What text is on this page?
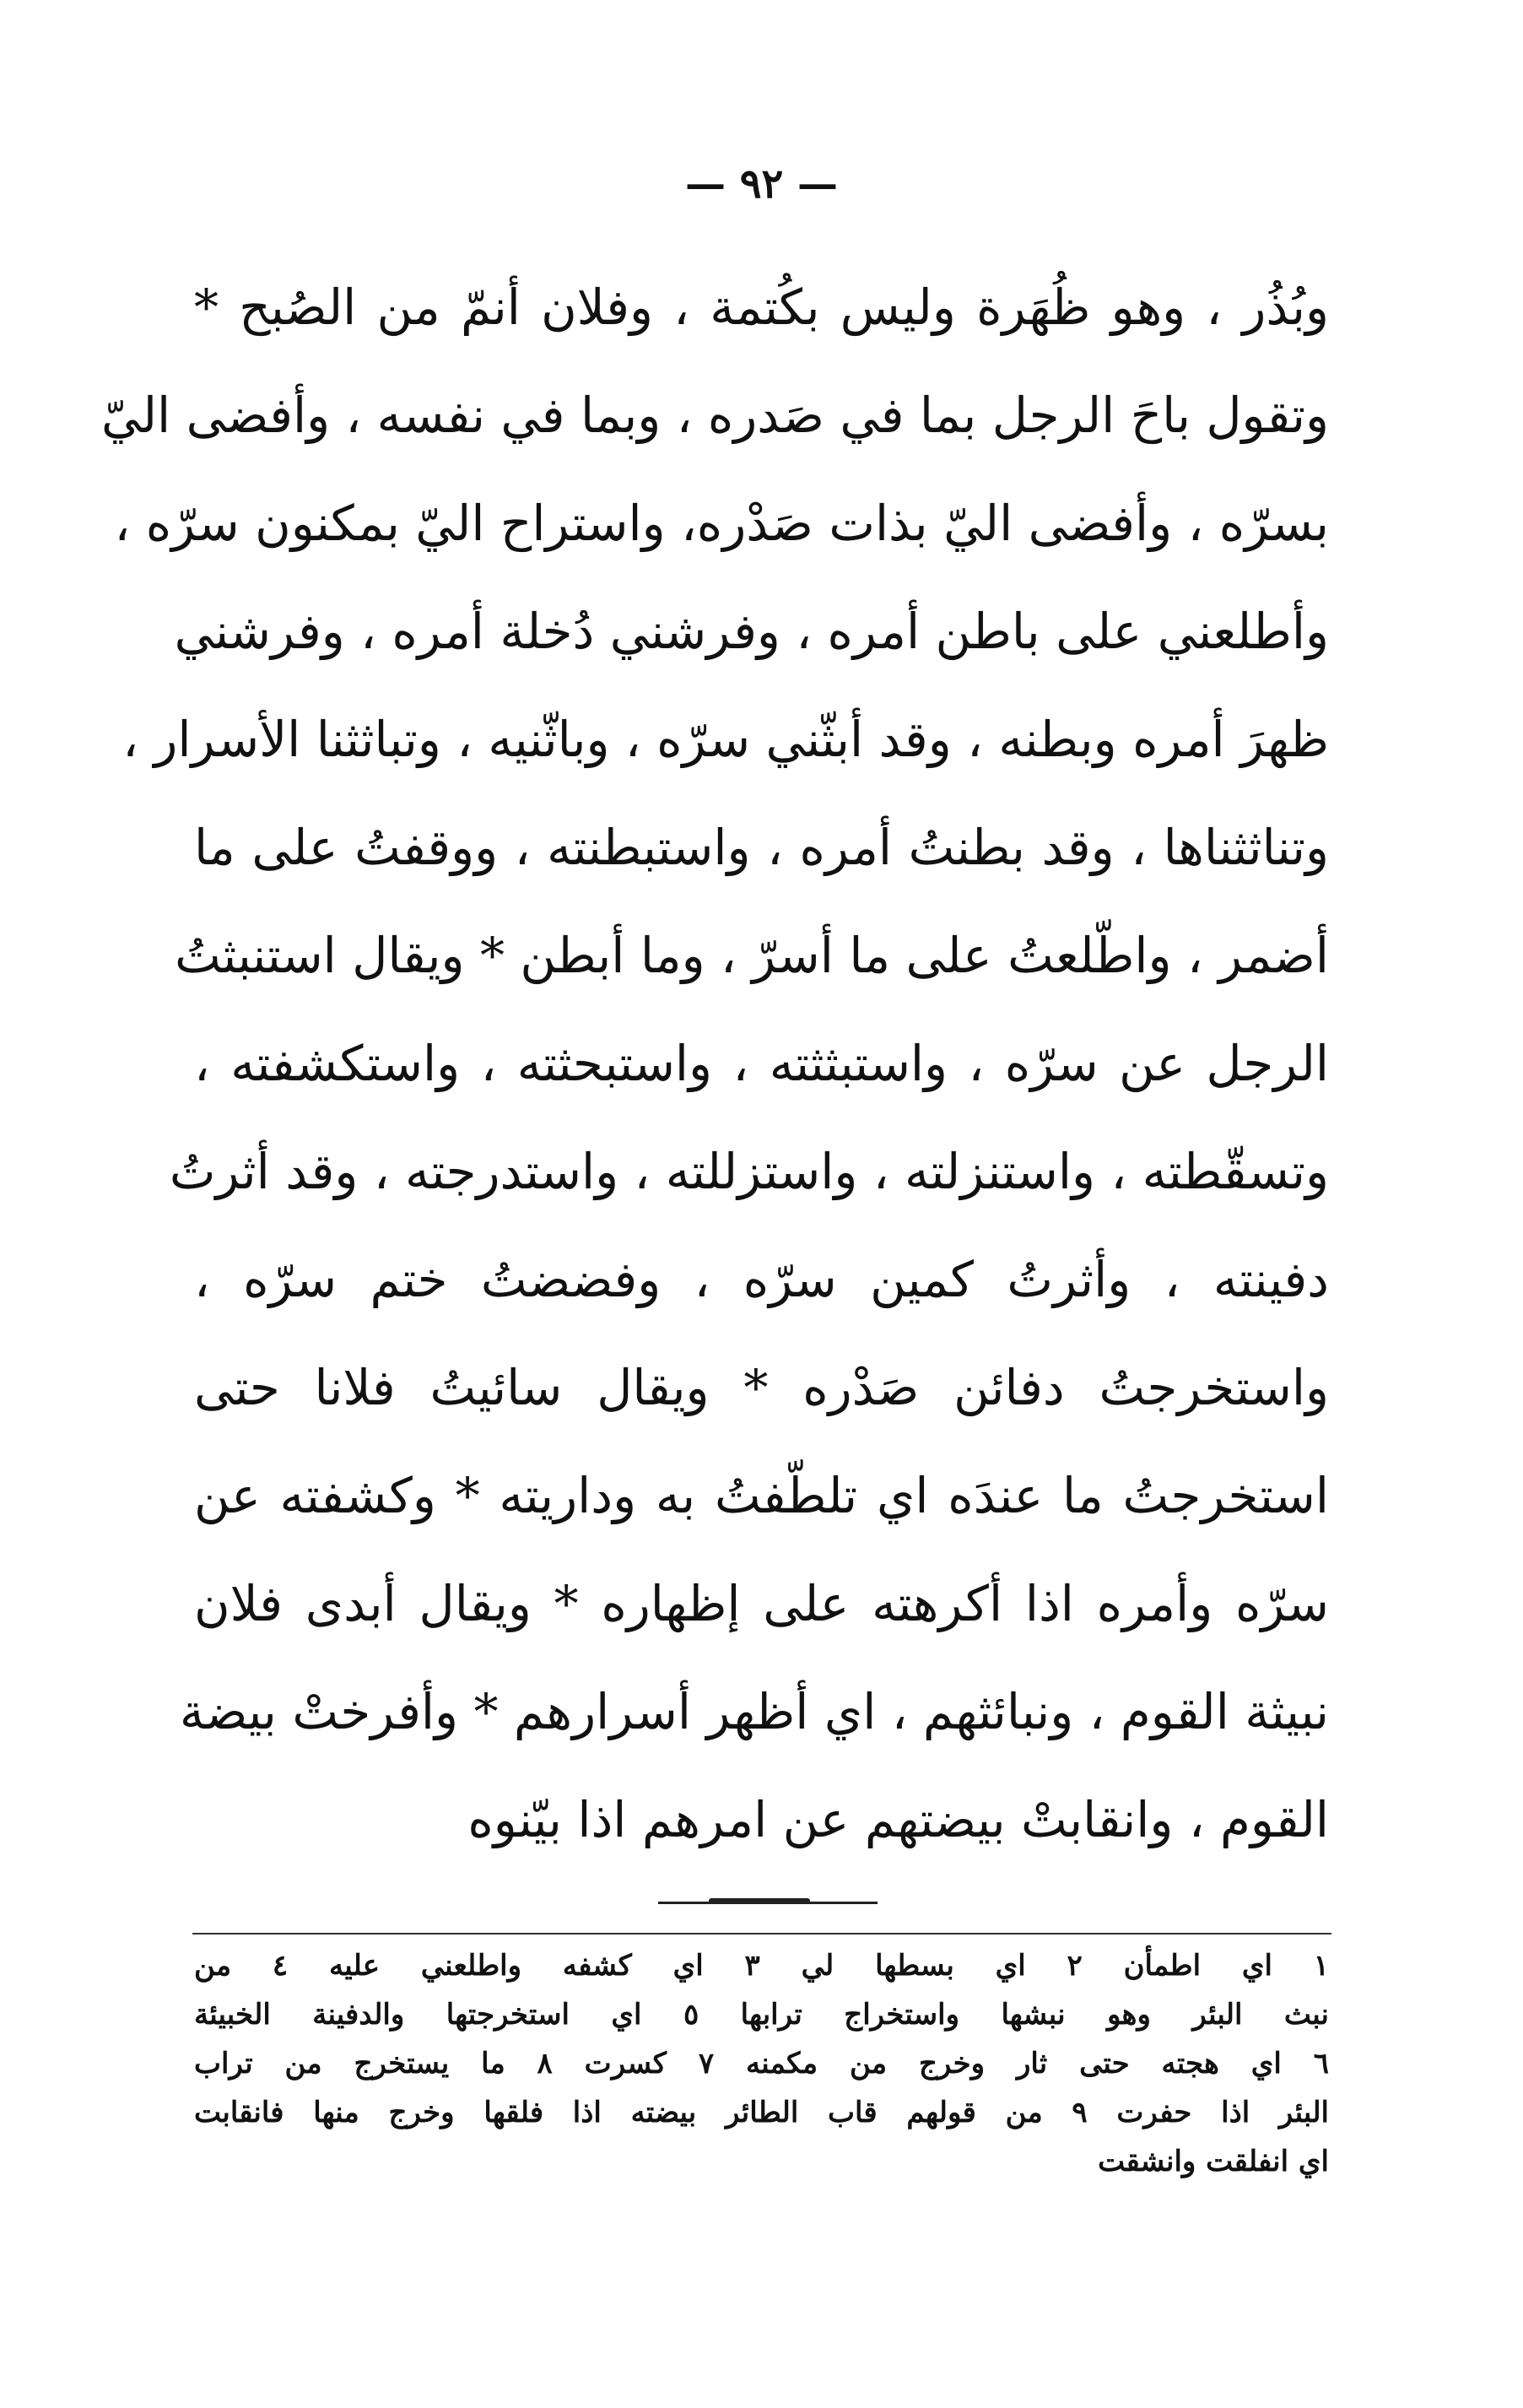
— ٩٢ —
وبُذُر ، وهو ظُهَرة وليس بكُتمة ، وفلان أنمّ من الصُبح *
وتقول باحَ الرجل بما في صَدره ، وبما في نفسه ، وأفضى اليّ
بسرّه ، وأفضى اليّ بذات صَدْره، واستراح اليّ بمكنون سرّه ،
وأطلعني على باطن أمره ، وفرشني دُخلة أمره ، وفرشني
ظهرَ أمره وبطنه ، وقد أبثّني سرّه ، وباثّنيه ، وتباثثنا الأسرار ،
وتناثثناها ، وقد بطنتُ أمره ، واستبطنته ، ووقفتُ على ما
أضمر ، واطّلعتُ على ما أسرّ ، وما أبطن * ويقال استنبثتُ
الرجل عن سرّه ، واستبثثته ، واستبحثته ، واستكشفته ،
وتسقّطته ، واستنزلته ، واستزللته ، واستدرجته ، وقد أثرتُ
دفينته ، وأثرتُ كمين سرّه ، وفضضتُ ختم سرّه ،
واستخرجتُ دفائن صَدْره * ويقال سائيتُ فلانا حتى
استخرجتُ ما عندَه اي تلطّفتُ به وداريته * وكشفته عن
سرّه وأمره اذا أكرهته على إظهاره * ويقال أبدى فلان
نبيثة القوم ، ونبائثهم ، اي أظهر أسرارهم * وأفرختْ بيضة
القوم ، وانقابتْ بيضتهم عن امرهم اذا بيّنوه
١ اي اطمأن ٢ اي بسطها لي ٣ اي كشفه واطلعني عليه ٤ من
نبث البئر وهو نبشها واستخراج ترابها ٥ اي استخرجتها والدفينة الخبيئة
٦ اي هجته حتى ثار وخرج من مكمنه ٧ كسرت ٨ ما يستخرج من تراب
البئر اذا حفرت ٩ من قولهم قاب الطائر بيضته اذا فلقها وخرج منها فانقابت
اي انفلقت وانشقت
